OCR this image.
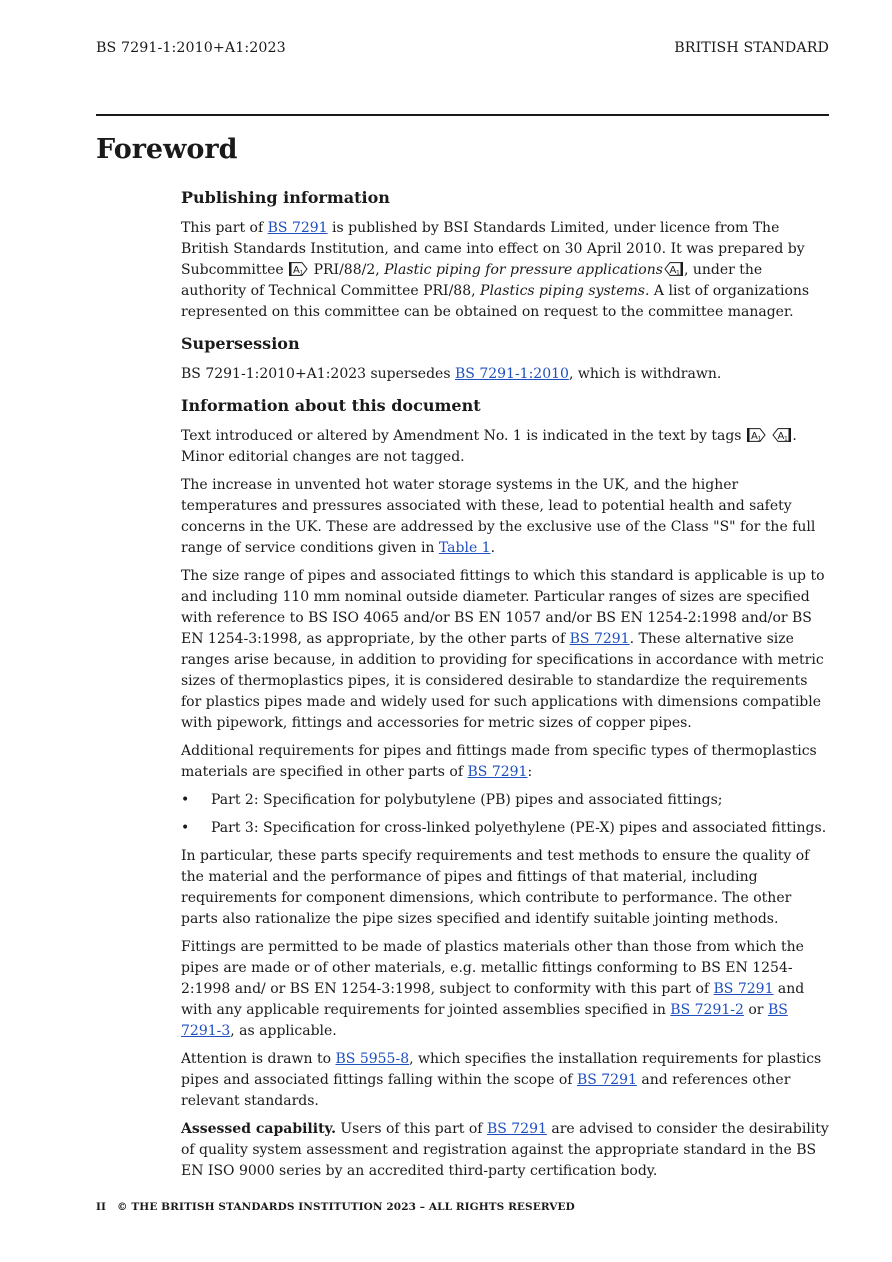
BS 7291-1:2010+A1:2023	BRITISH STANDARD
Foreword
Publishing information

This part of BS 7291 is published by BSI Standards Limited, under licence from The British Standards Institution, and came into effect on 30 April 2010. It was prepared by Subcommittee A 1 PRI/88/2, Plastic piping for pressure applications A 1 , under the authority of Technical Committee PRI/88, Plastics piping systems. A list of organizations represented on this committee can be obtained on request to the committee manager.

Supersession

BS 7291-1:2010+A1:2023 supersedes BS 7291-1:2010, which is withdrawn.

Information about this document

Text introduced or altered by Amendment No. 1 is indicated in the text by tags A 1
A 1 . Minor editorial changes are not tagged.

The increase in unvented hot water storage systems in the UK, and the higher temperatures and pressures associated with these, lead to potential health and safety concerns in the UK. These are addressed by the exclusive use of the Class "S" for the full range of service conditions given in Table 1.

The size range of pipes and associated fittings to which this standard is applicable is up to and including 110 mm nominal outside diameter. Particular ranges of sizes are specified with reference to BS ISO 4065 and/or BS EN 1057 and/or BS EN 1254-2:1998 and/or BS EN 1254-3:1998, as appropriate, by the other parts of BS 7291. These alternative size ranges arise because, in addition to providing for specifications in accordance with metric sizes of thermoplastics pipes, it is considered desirable to standardize the requirements for plastics pipes made and widely used for such applications with dimensions compatible with pipework, fittings and accessories for metric sizes of copper pipes.

Additional requirements for pipes and fittings made from specific types of thermoplastics materials are specified in other parts of BS 7291:

• Part 2: Specification for polybutylene (PB) pipes and associated fittings;
• Part 3: Specification for cross-linked polyethylene (PE-X) pipes and associated fittings.

In particular, these parts specify requirements and test methods to ensure the quality of the material and the performance of pipes and fittings of that material, including requirements for component dimensions, which contribute to performance. The other parts also rationalize the pipe sizes specified and identify suitable jointing methods.

Fittings are permitted to be made of plastics materials other than those from which the pipes are made or of other materials, e.g. metallic fittings conforming to BS EN 1254-2:1998 and/ or BS EN 1254-3:1998, subject to conformity with this part of BS 7291 and with any applicable requirements for jointed assemblies specified in BS 7291-2 or BS 7291-3, as applicable.

Attention is drawn to BS 5955-8, which specifies the installation requirements for plastics pipes and associated fittings falling within the scope of BS 7291 and references other relevant standards.

Assessed capability. Users of this part of BS 7291 are advised to consider the desirability of quality system assessment and registration against the appropriate standard in the BS EN ISO 9000 series by an accredited third-party certification body.

II © THE BRITISH STANDARDS INSTITUTION 2023 – ALL RIGHTS RESERVED
